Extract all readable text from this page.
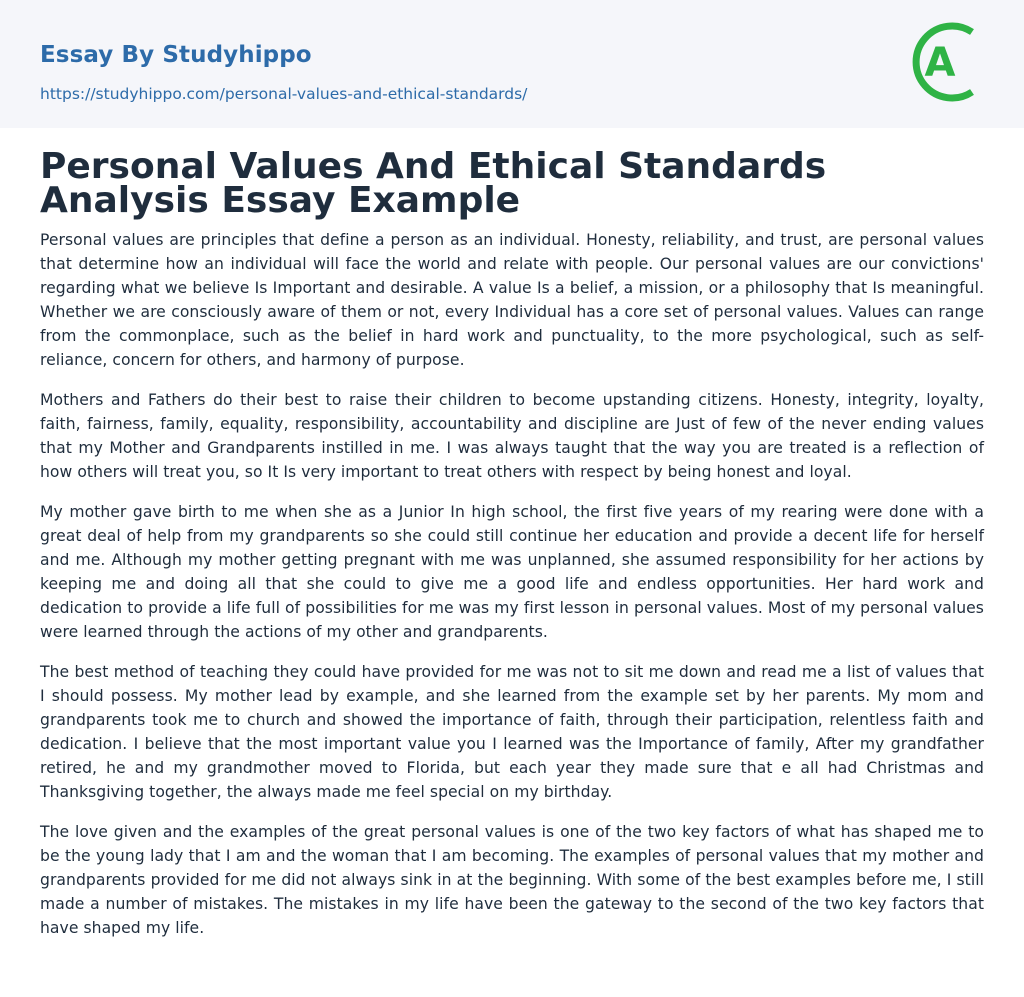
Essay By Studyhippo
https://studyhippo.com/personal-values-and-ethical-standards/
A
Personal Values And Ethical Standards Analysis Essay Example

Personal values are principles that define a person as an individual. Honesty, reliability, and trust, are personal values that determine how an individual will face the world and relate with people. Our personal values are our convictions' regarding what we believe Is Important and desirable. A value Is a belief, a mission, or a philosophy that Is meaningful. Whether we are consciously aware of them or not, every Individual has a core set of personal values. Values can range from the commonplace, such as the belief in hard work and punctuality, to the more psychological, such as self-reliance, concern for others, and harmony of purpose.

Mothers and Fathers do their best to raise their children to become upstanding citizens. Honesty, integrity, loyalty, faith, fairness, family, equality, responsibility, accountability and discipline are Just of few of the never ending values that my Mother and Grandparents instilled in me. I was always taught that the way you are treated is a reflection of how others will treat you, so It Is very important to treat others with respect by being honest and loyal.

My mother gave birth to me when she as a Junior In high school, the first five years of my rearing were done with a great deal of help from my grandparents so she could still continue her education and provide a decent life for herself and me. Although my mother getting pregnant with me was unplanned, she assumed responsibility for her actions by keeping me and doing all that she could to give me a good life and endless opportunities. Her hard work and dedication to provide a life full of possibilities for me was my first lesson in personal values. Most of my personal values were learned through the actions of my other and grandparents.

The best method of teaching they could have provided for me was not to sit me down and read me a list of values that I should possess. My mother lead by example, and she learned from the example set by her parents. My mom and grandparents took me to church and showed the importance of faith, through their participation, relentless faith and dedication. I believe that the most important value you I learned was the Importance of family, After my grandfather retired, he and my grandmother moved to Florida, but each year they made sure that e all had Christmas and Thanksgiving together, the always made me feel special on my birthday.

The love given and the examples of the great personal values is one of the two key factors of what has shaped me to be the young lady that I am and the woman that I am becoming. The examples of personal values that my mother and grandparents provided for me did not always sink in at the beginning. With some of the best examples before me, I still made a number of mistakes. The mistakes in my life have been the gateway to the second of the two key factors that have shaped my life.
